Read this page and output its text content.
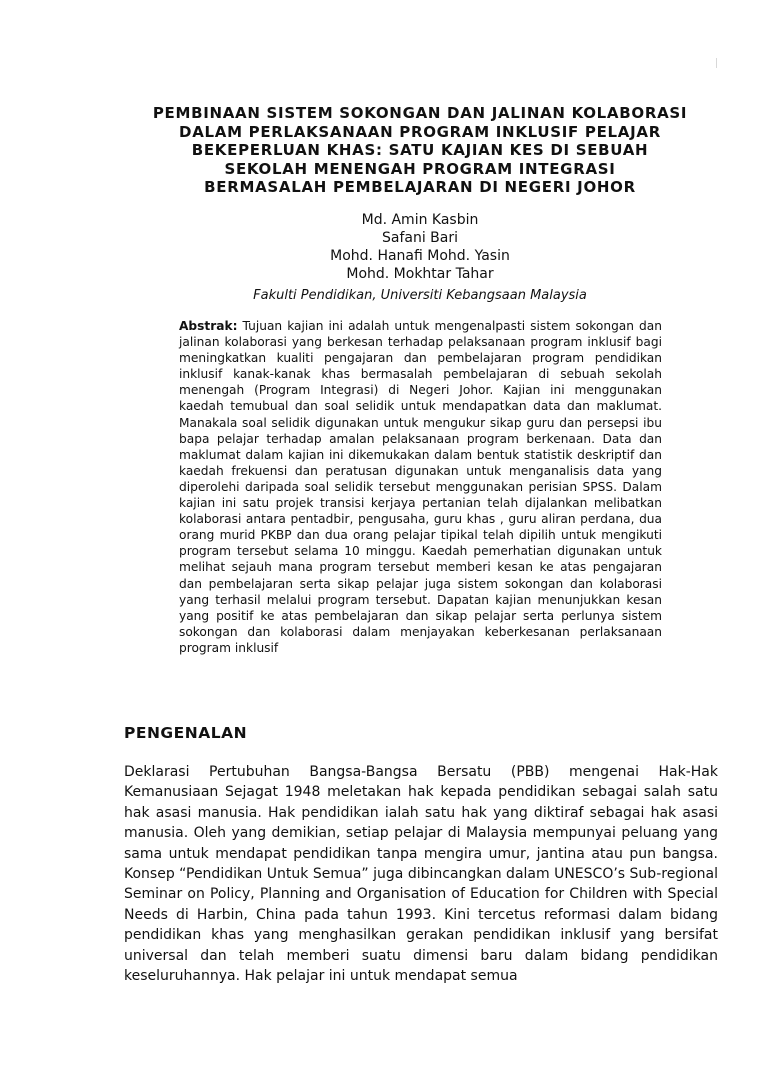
PEMBINAAN SISTEM SOKONGAN DAN JALINAN KOLABORASI
DALAM PERLAKSANAAN PROGRAM INKLUSIF PELAJAR
BEKEPERLUAN KHAS: SATU KAJIAN KES DI SEBUAH
SEKOLAH MENENGAH PROGRAM INTEGRASI
BERMASALAH PEMBELAJARAN DI NEGERI JOHOR
Md. Amin Kasbin
Safani Bari
Mohd. Hanafi Mohd. Yasin
Mohd. Mokhtar Tahar
Fakulti Pendidikan, Universiti Kebangsaan Malaysia

Abstrak: Tujuan kajian ini adalah untuk mengenalpasti sistem sokongan dan jalinan kolaborasi yang berkesan terhadap pelaksanaan program inklusif bagi meningkatkan kualiti pengajaran dan pembelajaran program pendidikan inklusif kanak-kanak khas bermasalah pembelajaran di sebuah sekolah menengah (Program Integrasi) di Negeri Johor. Kajian ini menggunakan kaedah temubual dan soal selidik untuk mendapatkan data dan maklumat. Manakala soal selidik digunakan untuk mengukur sikap guru dan persepsi ibu bapa pelajar terhadap amalan pelaksanaan program berkenaan. Data dan maklumat dalam kajian ini dikemukakan dalam bentuk statistik deskriptif dan kaedah frekuensi dan peratusan digunakan untuk menganalisis data yang diperolehi daripada soal selidik tersebut menggunakan perisian SPSS. Dalam kajian ini satu projek transisi kerjaya pertanian telah dijalankan melibatkan kolaborasi antara pentadbir, pengusaha, guru khas , guru aliran perdana, dua orang murid PKBP dan dua orang pelajar tipikal telah dipilih untuk mengikuti program tersebut selama 10 minggu. Kaedah pemerhatian digunakan untuk melihat sejauh mana program tersebut memberi kesan ke atas pengajaran dan pembelajaran serta sikap pelajar juga sistem sokongan dan kolaborasi yang terhasil melalui program tersebut. Dapatan kajian menunjukkan kesan yang positif ke atas pembelajaran dan sikap pelajar serta perlunya sistem sokongan dan kolaborasi dalam menjayakan keberkesanan perlaksanaan program inklusif

PENGENALAN

Deklarasi Pertubuhan Bangsa-Bangsa Bersatu (PBB) mengenai Hak-Hak Kemanusiaan Sejagat 1948 meletakan hak kepada pendidikan sebagai salah satu hak asasi manusia. Hak pendidikan ialah satu hak yang diktiraf sebagai hak asasi manusia. Oleh yang demikian, setiap pelajar di Malaysia mempunyai peluang yang sama untuk mendapat pendidikan tanpa mengira umur, jantina atau pun bangsa. Konsep “Pendidikan Untuk Semua” juga dibincangkan dalam UNESCO’s Sub-regional Seminar on Policy, Planning and Organisation of Education for Children with Special Needs di Harbin, China pada tahun 1993. Kini tercetus reformasi dalam bidang pendidikan khas yang menghasilkan gerakan pendidikan inklusif yang bersifat universal dan telah memberi suatu dimensi baru dalam bidang pendidikan keseluruhannya. Hak pelajar ini untuk mendapat semua
